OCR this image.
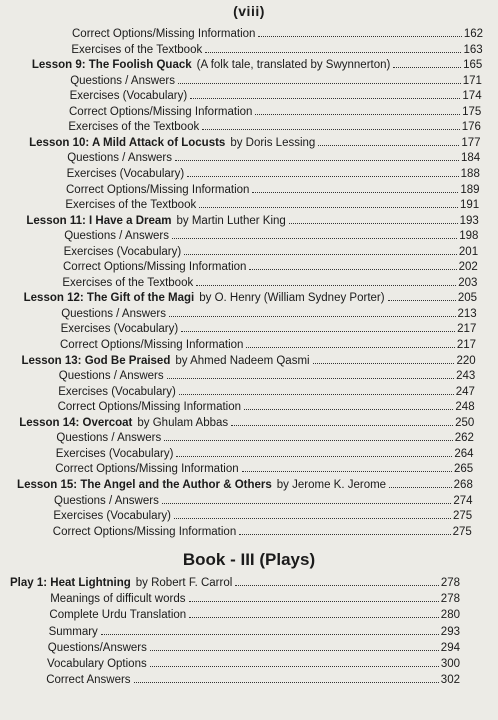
(viii)
Correct Options/Missing Information	162
Exercises of the Textbook	163
Lesson 9: The Foolish Quack (A folk tale, translated by Swynnerton)	165
Questions / Answers	171
Exercises (Vocabulary)	174
Correct Options/Missing Information	175
Exercises of the Textbook	176
Lesson 10: A Mild Attack of Locusts by Doris Lessing	177
Questions / Answers	184
Exercises (Vocabulary)	188
Correct Options/Missing Information	189
Exercises of the Textbook	191
Lesson 11: I Have a Dream by Martin Luther King	193
Questions / Answers	198
Exercises (Vocabulary)	201
Correct Options/Missing Information	202
Exercises of the Textbook	203
Lesson 12: The Gift of the Magi by O. Henry (William Sydney Porter)	205
Questions / Answers	213
Exercises (Vocabulary)	217
Correct Options/Missing Information	217
Lesson 13: God Be Praised by Ahmed Nadeem Qasmi	220
Questions / Answers	243
Exercises (Vocabulary)	247
Correct Options/Missing Information	248
Lesson 14: Overcoat by Ghulam Abbas	250
Questions / Answers	262
Exercises (Vocabulary)	264
Correct Options/Missing Information	265
Lesson 15: The Angel and the Author & Others by Jerome K. Jerome	268
Questions / Answers	274
Exercises (Vocabulary)	275
Correct Options/Missing Information	275
Book - III (Plays)
Play 1: Heat Lightning by Robert F. Carrol	278
Meanings of difficult words	278
Complete Urdu Translation	280
Summary	293
Questions/Answers	294
Vocabulary Options	300
Correct Answers	302
